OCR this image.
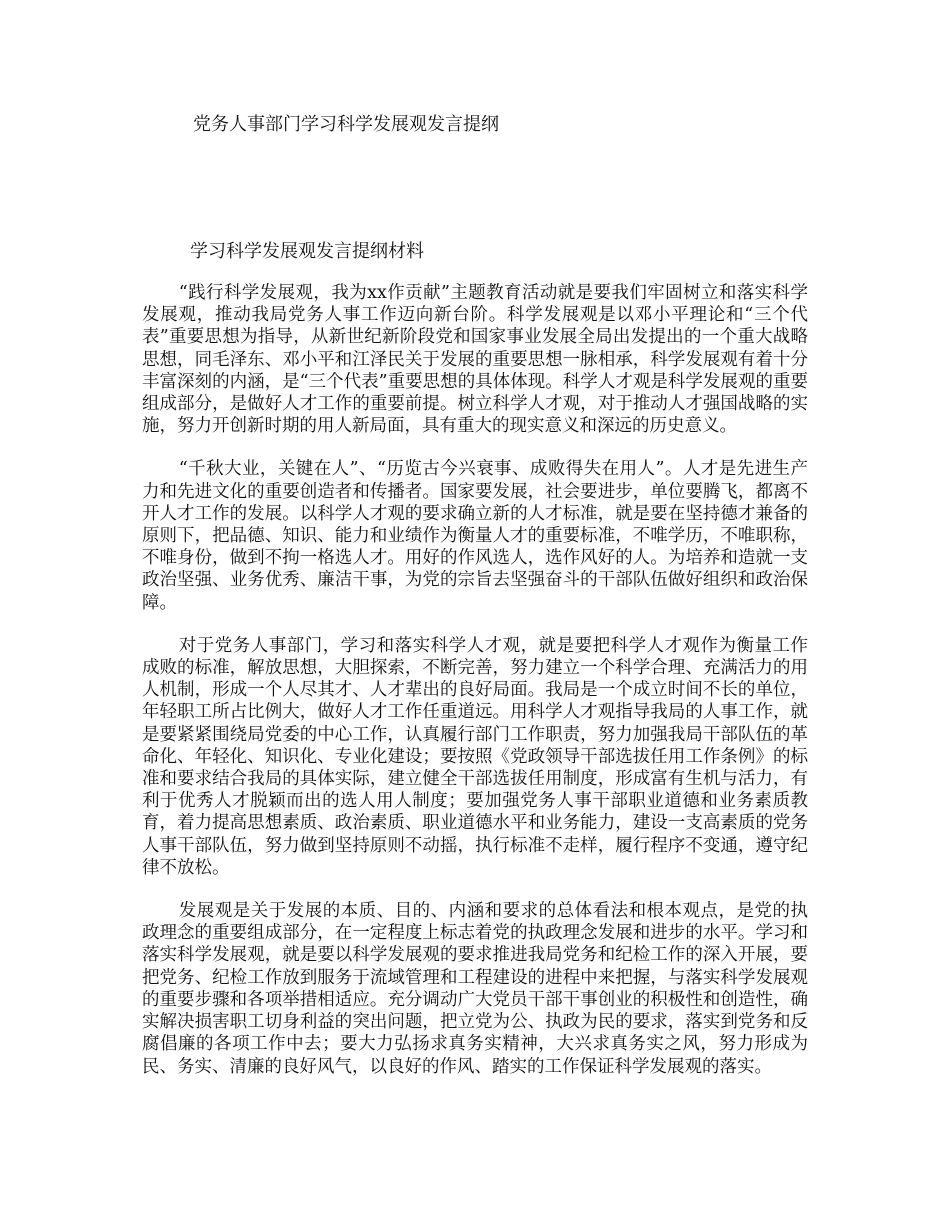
党务人事部门学习科学发展观发言提纲
学习科学发展观发言提纲材料

“践行科学发展观，我为xx作贡献”主题教育活动就是要我们牢固树立和落实科学发展观，推动我局党务人事工作迈向新台阶。科学发展观是以邓小平理论和“三个代表”重要思想为指导，从新世纪新阶段党和国家事业发展全局出发提出的一个重大战略思想，同毛泽东、邓小平和江泽民关于发展的重要思想一脉相承，科学发展观有着十分丰富深刻的内涵，是“三个代表”重要思想的具体体现。科学人才观是科学发展观的重要组成部分，是做好人才工作的重要前提。树立科学人才观，对于推动人才强国战略的实施，努力开创新时期的用人新局面，具有重大的现实意义和深远的历史意义。

“千秋大业，关键在人”、“历览古今兴衰事、成败得失在用人”。人才是先进生产力和先进文化的重要创造者和传播者。国家要发展，社会要进步，单位要腾飞，都离不开人才工作的发展。以科学人才观的要求确立新的人才标准，就是要在坚持德才兼备的原则下，把品德、知识、能力和业绩作为衡量人才的重要标准，不唯学历，不唯职称，不唯身份，做到不拘一格选人才。用好的作风选人，选作风好的人。为培养和造就一支政治坚强、业务优秀、廉洁干事，为党的宗旨去坚强奋斗的干部队伍做好组织和政治保障。

对于党务人事部门，学习和落实科学人才观，就是要把科学人才观作为衡量工作成败的标准，解放思想，大胆探索，不断完善，努力建立一个科学合理、充满活力的用人机制，形成一个人尽其才、人才辈出的良好局面。我局是一个成立时间不长的单位，年轻职工所占比例大，做好人才工作任重道远。用科学人才观指导我局的人事工作，就是要紧紧围绕局党委的中心工作，认真履行部门工作职责，努力加强我局干部队伍的革命化、年轻化、知识化、专业化建设；要按照《党政领导干部选拔任用工作条例》的标准和要求结合我局的具体实际，建立健全干部选拔任用制度，形成富有生机与活力，有利于优秀人才脱颖而出的选人用人制度；要加强党务人事干部职业道德和业务素质教育，着力提高思想素质、政治素质、职业道德水平和业务能力，建设一支高素质的党务人事干部队伍，努力做到坚持原则不动摇，执行标准不走样，履行程序不变通，遵守纪律不放松。

发展观是关于发展的本质、目的、内涵和要求的总体看法和根本观点，是党的执政理念的重要组成部分，在一定程度上标志着党的执政理念发展和进步的水平。学习和落实科学发展观，就是要以科学发展观的要求推进我局党务和纪检工作的深入开展，要把党务、纪检工作放到服务于流域管理和工程建设的进程中来把握，与落实科学发展观的重要步骤和各项举措相适应。充分调动广大党员干部干事创业的积极性和创造性，确实解决损害职工切身利益的突出问题，把立党为公、执政为民的要求，落实到党务和反腐倡廉的各项工作中去；要大力弘扬求真务实精神，大兴求真务实之风，努力形成为民、务实、清廉的良好风气，以良好的作风、踏实的工作保证科学发展观的落实。
